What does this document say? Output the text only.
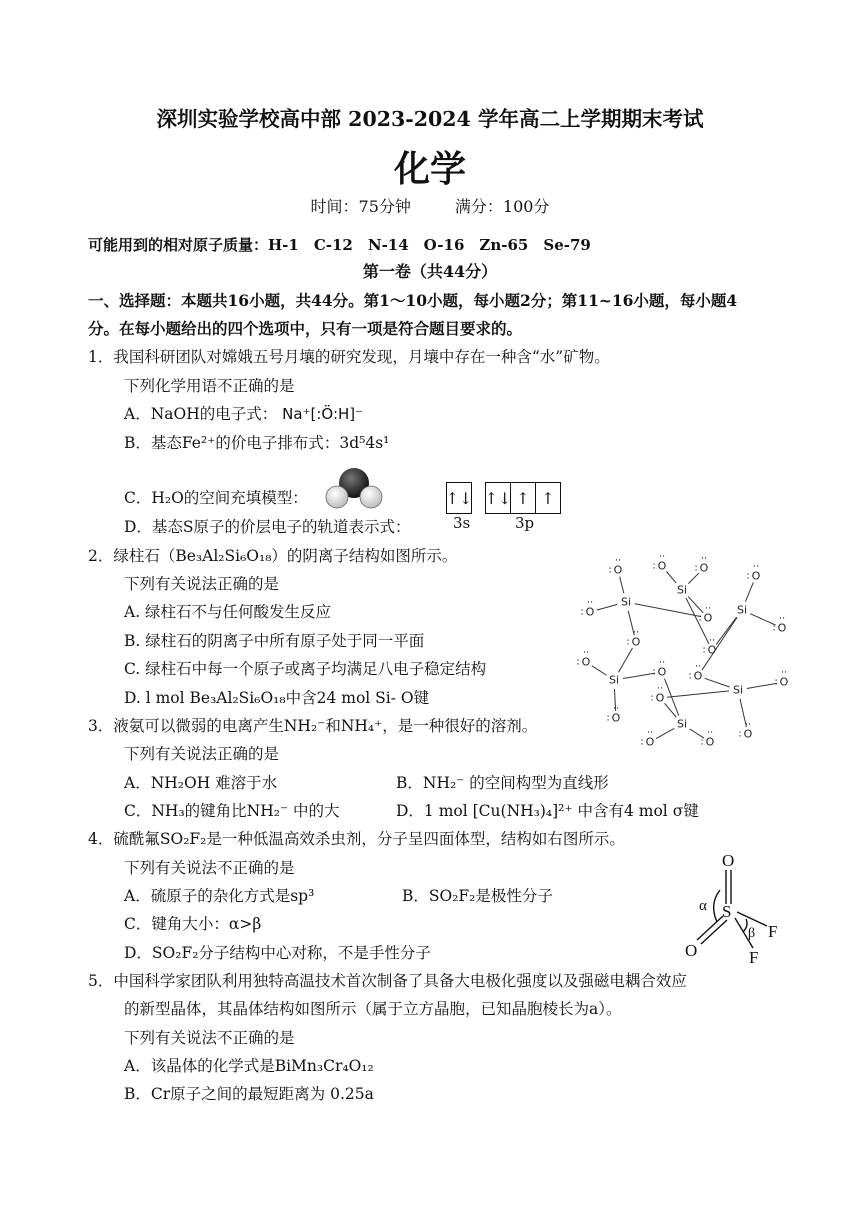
深圳实验学校高中部 2023-2024 学年高二上学期期末考试
化学
时间：75分钟	满分：100分
可能用到的相对原子质量：H-1　C-12　N-14　O-16　Zn-65　Se-79
第一卷（共44分）
一、选择题：本题共16小题，共44分。第1～10小题，每小题2分；第11~16小题，每小题4
分。在每小题给出的四个选项中，只有一项是符合题目要求的。
1．我国科研团队对嫦娥五号月壤的研究发现，月壤中存在一种含“水”矿物。
下列化学用语不正确的是
A．NaOH的电子式： Na⁺[:Ö:H]⁻
B．基态Fe²⁺的价电子排布式：3d⁵4s¹
C．H₂O的空间充填模型：
D．基态S原子的价层电子的轨道表示式：
↑↓ ↑↓ ↑ ↑
3s	3p
2．绿柱石（Be₃Al₂Si₆O₁₈）的阴离子结构如图所示。
下列有关说法正确的是
A. 绿柱石不与任何酸发生反应
B. 绿柱石的阴离子中所有原子处于同一平面
C. 绿柱石中每一个原子或离子均满足八电子稳定结构
D. l mol Be₃Al₂Si₆O₁₈中含24 mol Si- O键
Si
Si
Si
Si
Si
Si
O
··
:
O
··
:
O
··
:
O
··
:
O
··
:
O
··
:
O
··
:
O
··
:
O
··
:	O
··
:
O
··
:
O
··
:
O
··
:
O
··
:
O
··
:	O
··
:
O
··
:
O
··
:
3．液氨可以微弱的电离产生NH₂⁻和NH₄⁺，是一种很好的溶剂。
下列有关说法正确的是
A．NH₂OH 难溶于水	B．NH₂⁻ 的空间构型为直线形
C．NH₃的键角比NH₂⁻ 中的大	D．1 mol [Cu(NH₃)₄]²⁺ 中含有4 mol σ键
4．硫酰氟SO₂F₂是一种低温高效杀虫剂，分子呈四面体型，结构如右图所示。
下列有关说法不正确的是
A．硫原子的杂化方式是sp³	B．SO₂F₂是极性分子
C．键角大小：α>β
D．SO₂F₂分子结构中心对称，不是手性分子
O
S
O
F
F
α
β
5．中国科学家团队利用独特高温技术首次制备了具备大电极化强度以及强磁电耦合效应
的新型晶体，其晶体结构如图所示（属于立方晶胞，已知晶胞棱长为a）。
下列有关说法不正确的是
A．该晶体的化学式是BiMn₃Cr₄O₁₂
B．Cr原子之间的最短距离为 0.25a
